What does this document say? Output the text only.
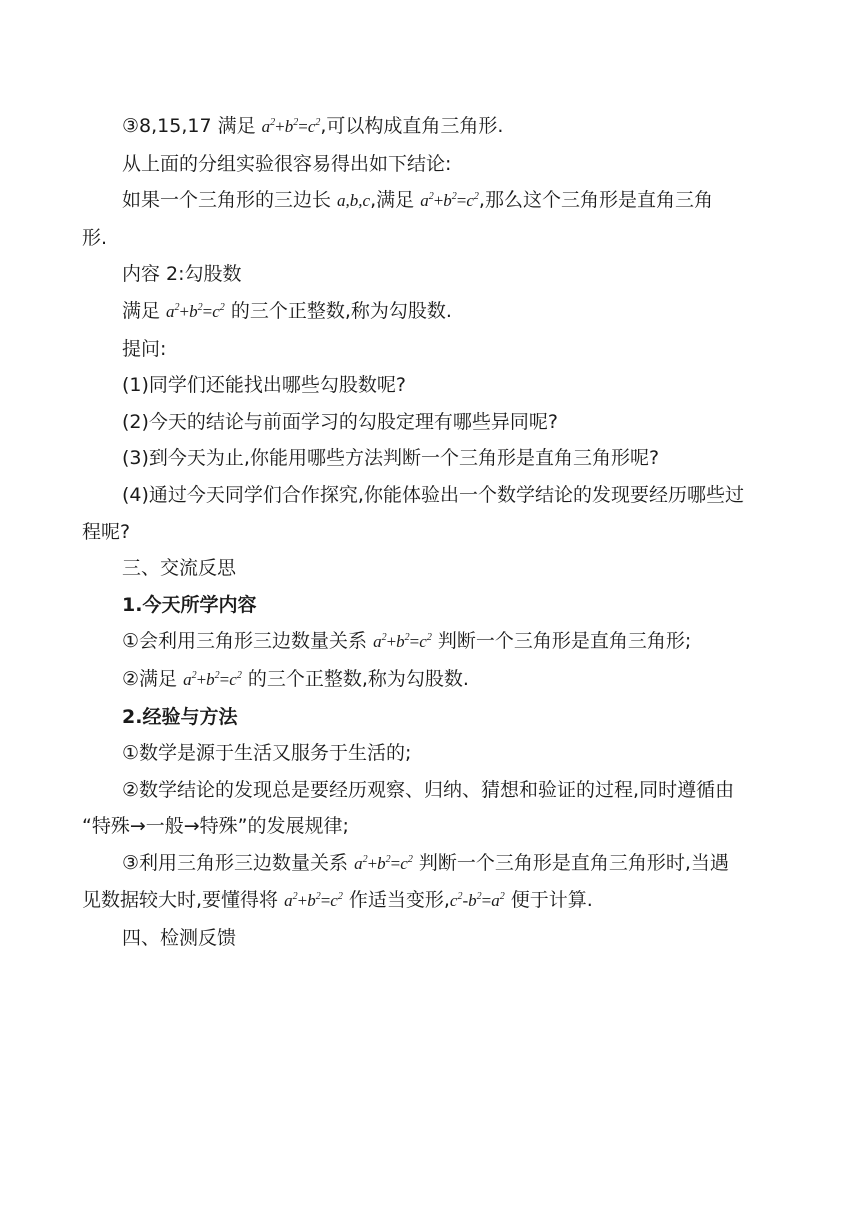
③8,15,17 满足 $a^2+b^2=c^2$,可以构成直角三角形.
从上面的分组实验很容易得出如下结论:
如果一个三角形的三边长 a,b,c,满足 $a^2+b^2=c^2$,那么这个三角形是直角三角
形.
内容 2:勾股数
满足 $a^2+b^2=c^2$ 的三个正整数,称为勾股数.
提问:
(1)同学们还能找出哪些勾股数呢?
(2)今天的结论与前面学习的勾股定理有哪些异同呢?
(3)到今天为止,你能用哪些方法判断一个三角形是直角三角形呢?
(4)通过今天同学们合作探究,你能体验出一个数学结论的发现要经历哪些过
程呢?
三、交流反思
1.今天所学内容
①会利用三角形三边数量关系 $a^2+b^2=c^2$ 判断一个三角形是直角三角形;
②满足 $a^2+b^2=c^2$ 的三个正整数,称为勾股数.
2.经验与方法
①数学是源于生活又服务于生活的;
②数学结论的发现总是要经历观察、归纳、猜想和验证的过程,同时遵循由
“特殊→一般→特殊”的发展规律;
③利用三角形三边数量关系 $a^2+b^2=c^2$ 判断一个三角形是直角三角形时,当遇
见数据较大时,要懂得将 $a^2+b^2=c^2$ 作适当变形$,c^2-b^2=a^2$ 便于计算.
四、检测反馈
